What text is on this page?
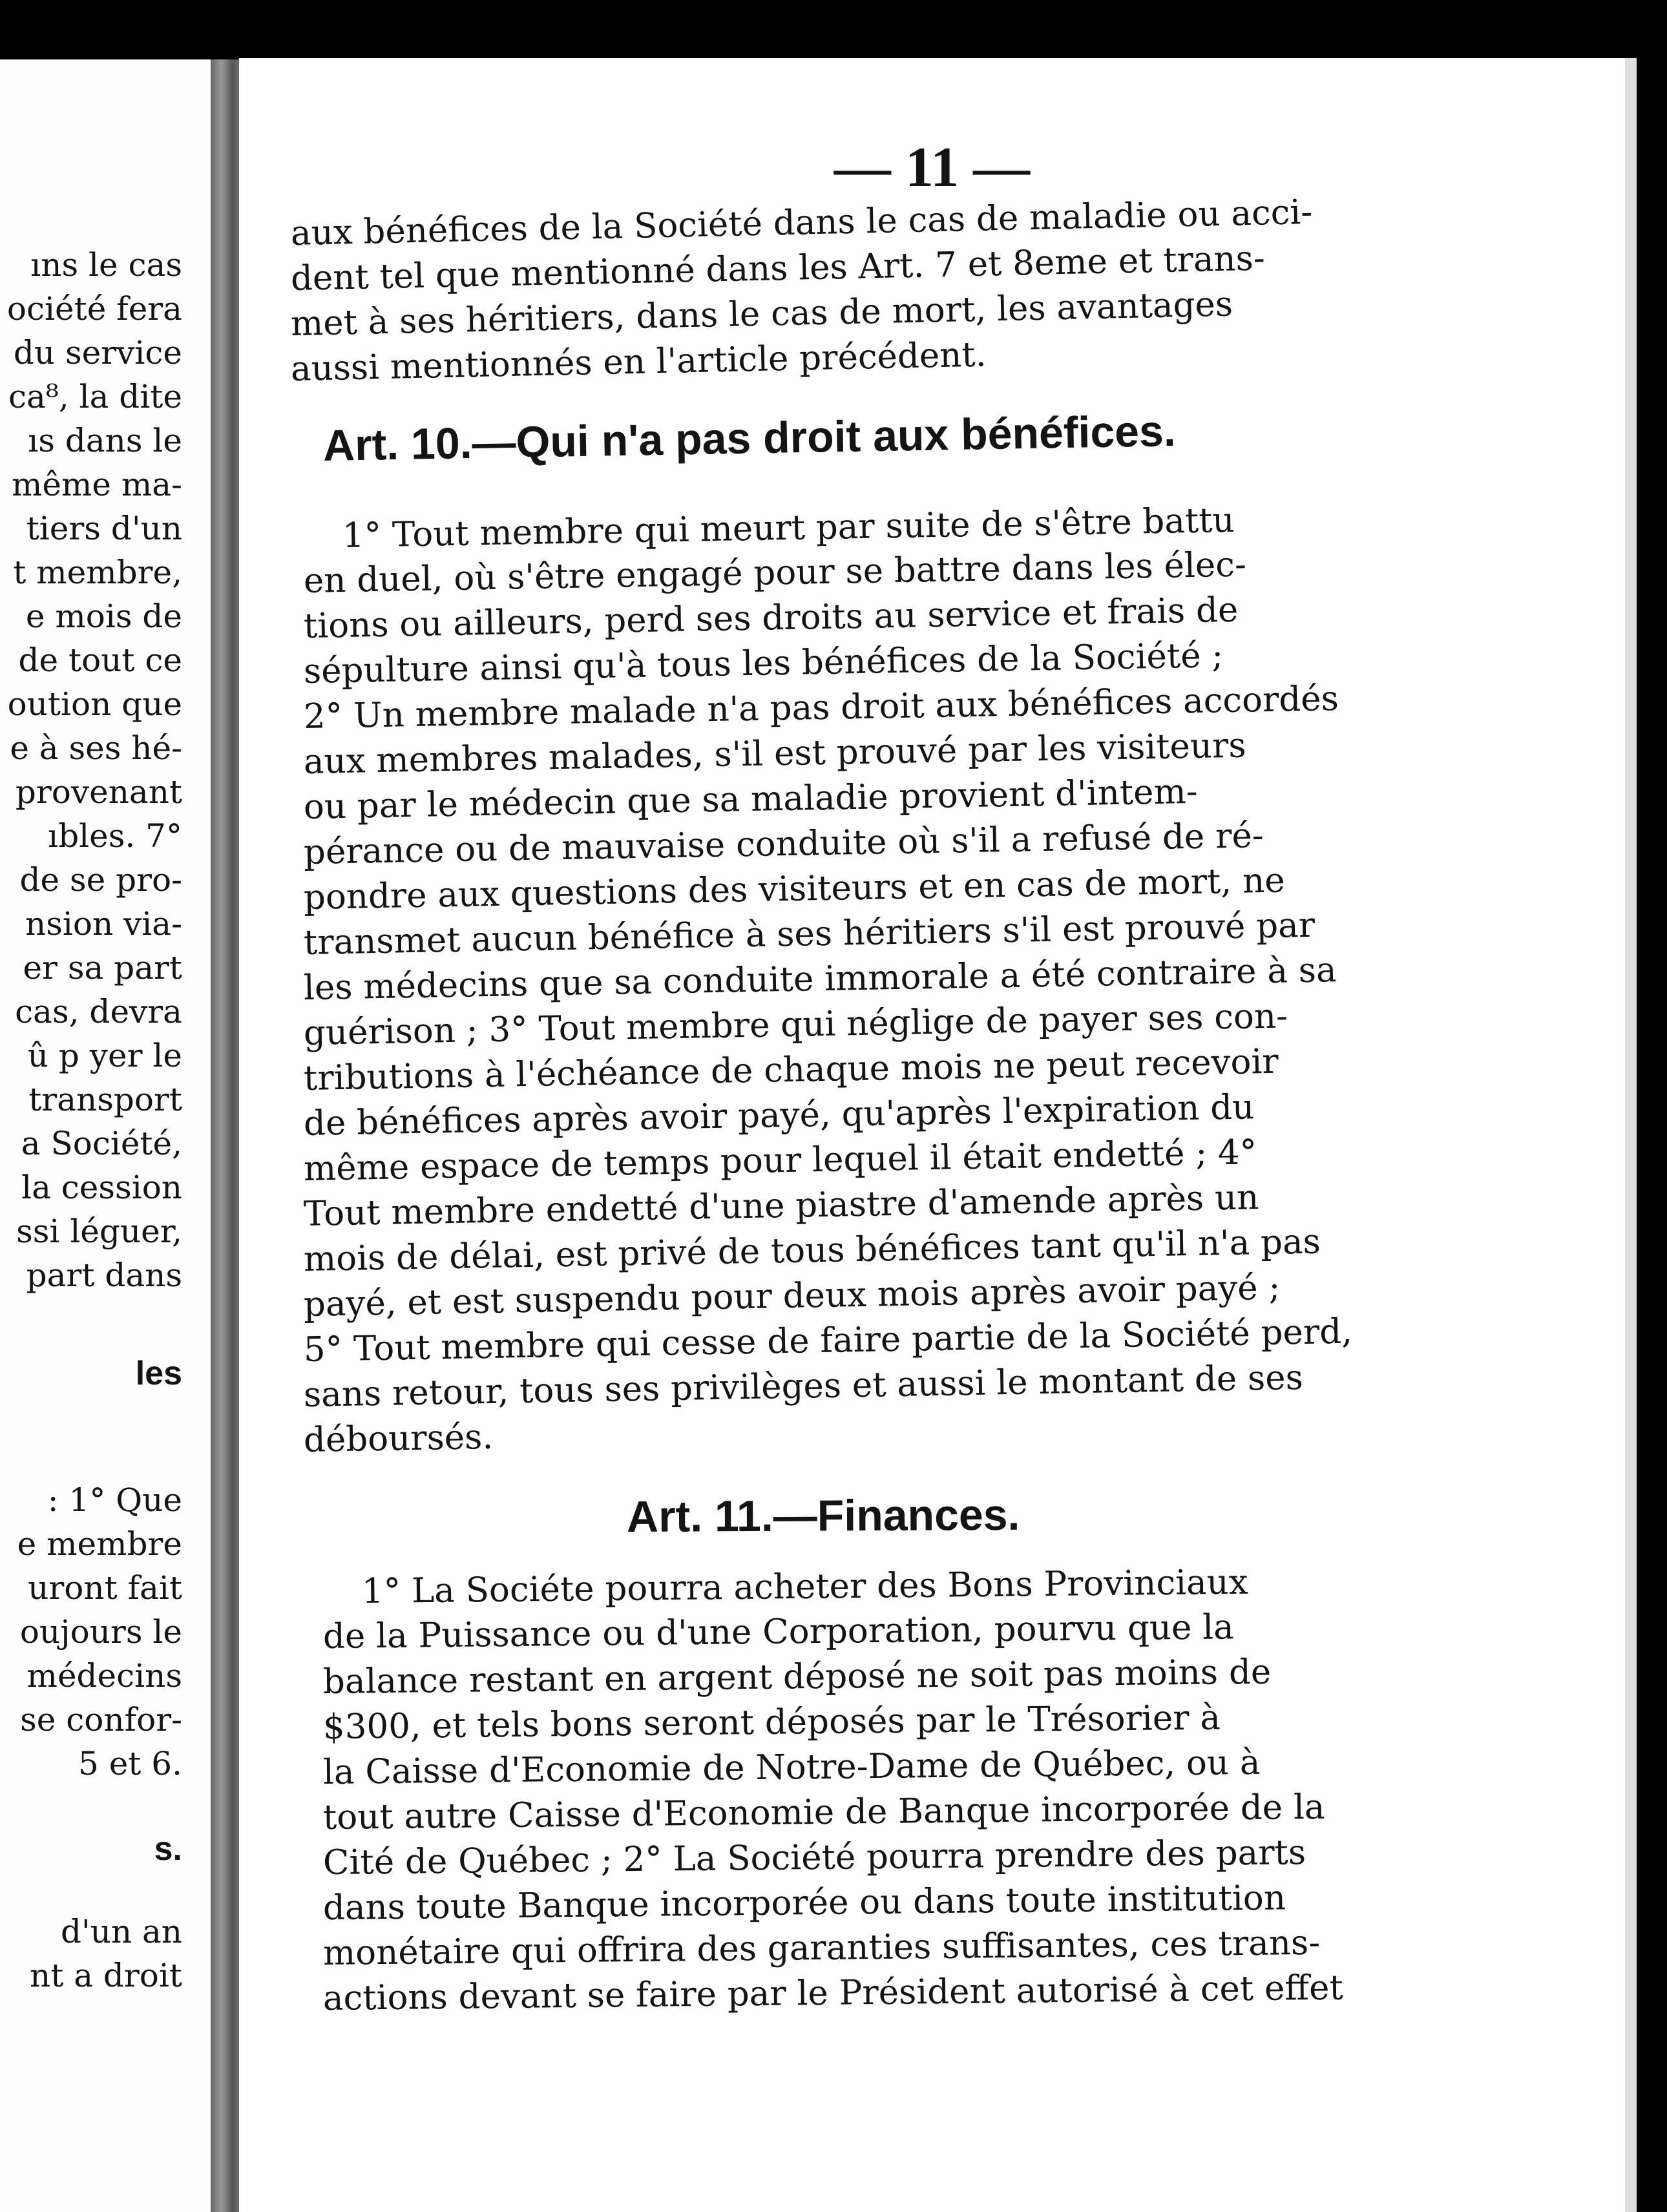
ıns le cas
ociété fera
du service
ca⁸, la dite
ıs dans le
même ma-
tiers d'un
t membre,
e mois de
de tout ce
oution que
e à ses hé-
provenant
ıbles. 7°
de se pro-
nsion via-
er sa part
cas, devra
û p yer le
transport
a Société,
la cession
ssi léguer,
part dans
les
: 1° Que
e membre
uront fait
oujours le
médecins
se confor-
5 et 6.
s.
d'un an
nt a droit
— 11 —
aux bénéfices de la Société dans le cas de maladie ou acci-
dent tel que mentionné dans les Art. 7 et 8eme et trans-
met à ses héritiers, dans le cas de mort, les avantages
aussi mentionnés en l'article précédent.
Art. 10.—Qui n'a pas droit aux bénéfices.
1° Tout membre qui meurt par suite de s'être battu
en duel, où s'être engagé pour se battre dans les élec-
tions ou ailleurs, perd ses droits au service et frais de
sépulture ainsi qu'à tous les bénéfices de la Société ;
2° Un membre malade n'a pas droit aux bénéfices accordés
aux membres malades, s'il est prouvé par les visiteurs
ou par le médecin que sa maladie provient d'intem-
pérance ou de mauvaise conduite où s'il a refusé de ré-
pondre aux questions des visiteurs et en cas de mort, ne
transmet aucun bénéfice à ses héritiers s'il est prouvé par
les médecins que sa conduite immorale a été contraire à sa
guérison ; 3° Tout membre qui néglige de payer ses con-
tributions à l'échéance de chaque mois ne peut recevoir
de bénéfices après avoir payé, qu'après l'expiration du
même espace de temps pour lequel il était endetté ; 4°
Tout membre endetté d'une piastre d'amende après un
mois de délai, est privé de tous bénéfices tant qu'il n'a pas
payé, et est suspendu pour deux mois après avoir payé ;
5° Tout membre qui cesse de faire partie de la Société perd,
sans retour, tous ses privilèges et aussi le montant de ses
déboursés.
Art. 11.—Finances.
1° La Sociéte pourra acheter des Bons Provinciaux
de la Puissance ou d'une Corporation, pourvu que la
balance restant en argent déposé ne soit pas moins de
$300, et tels bons seront déposés par le Trésorier à
la Caisse d'Economie de Notre-Dame de Québec, ou à
tout autre Caisse d'Economie de Banque incorporée de la
Cité de Québec ; 2° La Société pourra prendre des parts
dans toute Banque incorporée ou dans toute institution
monétaire qui offrira des garanties suffisantes, ces trans-
actions devant se faire par le Président autorisé à cet effet
